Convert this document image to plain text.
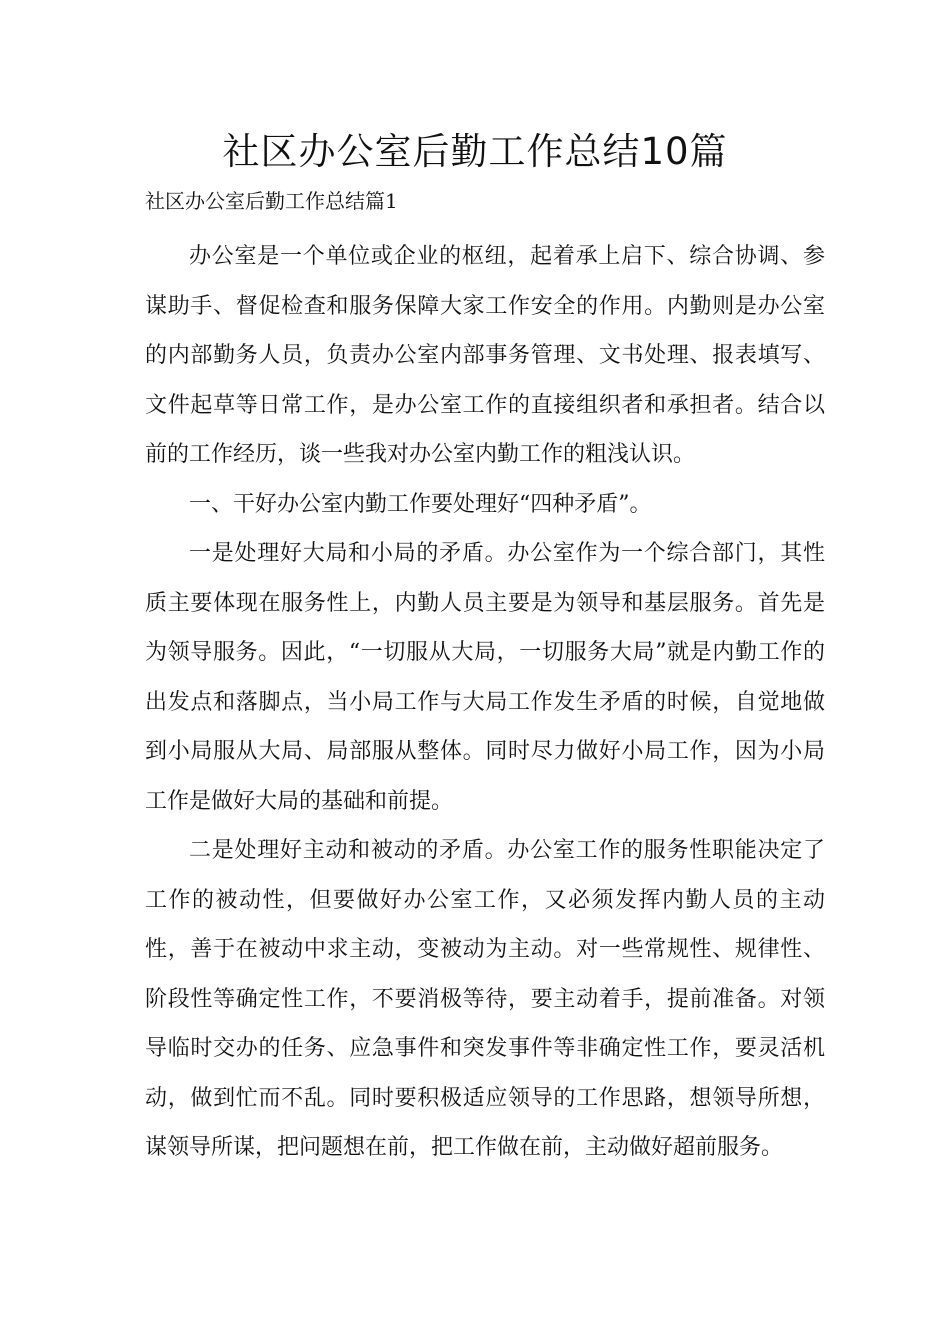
社区办公室后勤工作总结10篇

社区办公室后勤工作总结篇1

办公室是一个单位或企业的枢纽，起着承上启下、综合协调、参谋助手、督促检查和服务保障大家工作安全的作用。内勤则是办公室的内部勤务人员，负责办公室内部事务管理、文书处理、报表填写、文件起草等日常工作，是办公室工作的直接组织者和承担者。结合以前的工作经历，谈一些我对办公室内勤工作的粗浅认识。

一、干好办公室内勤工作要处理好“四种矛盾”。

一是处理好大局和小局的矛盾。办公室作为一个综合部门，其性质主要体现在服务性上，内勤人员主要是为领导和基层服务。首先是为领导服务。因此，“一切服从大局，一切服务大局”就是内勤工作的出发点和落脚点，当小局工作与大局工作发生矛盾的时候，自觉地做到小局服从大局、局部服从整体。同时尽力做好小局工作，因为小局工作是做好大局的基础和前提。

二是处理好主动和被动的矛盾。办公室工作的服务性职能决定了工作的被动性，但要做好办公室工作，又必须发挥内勤人员的主动性，善于在被动中求主动，变被动为主动。对一些常规性、规律性、阶段性等确定性工作，不要消极等待，要主动着手，提前准备。对领导临时交办的任务、应急事件和突发事件等非确定性工作，要灵活机动，做到忙而不乱。同时要积极适应领导的工作思路，想领导所想，谋领导所谋，把问题想在前，把工作做在前，主动做好超前服务。
